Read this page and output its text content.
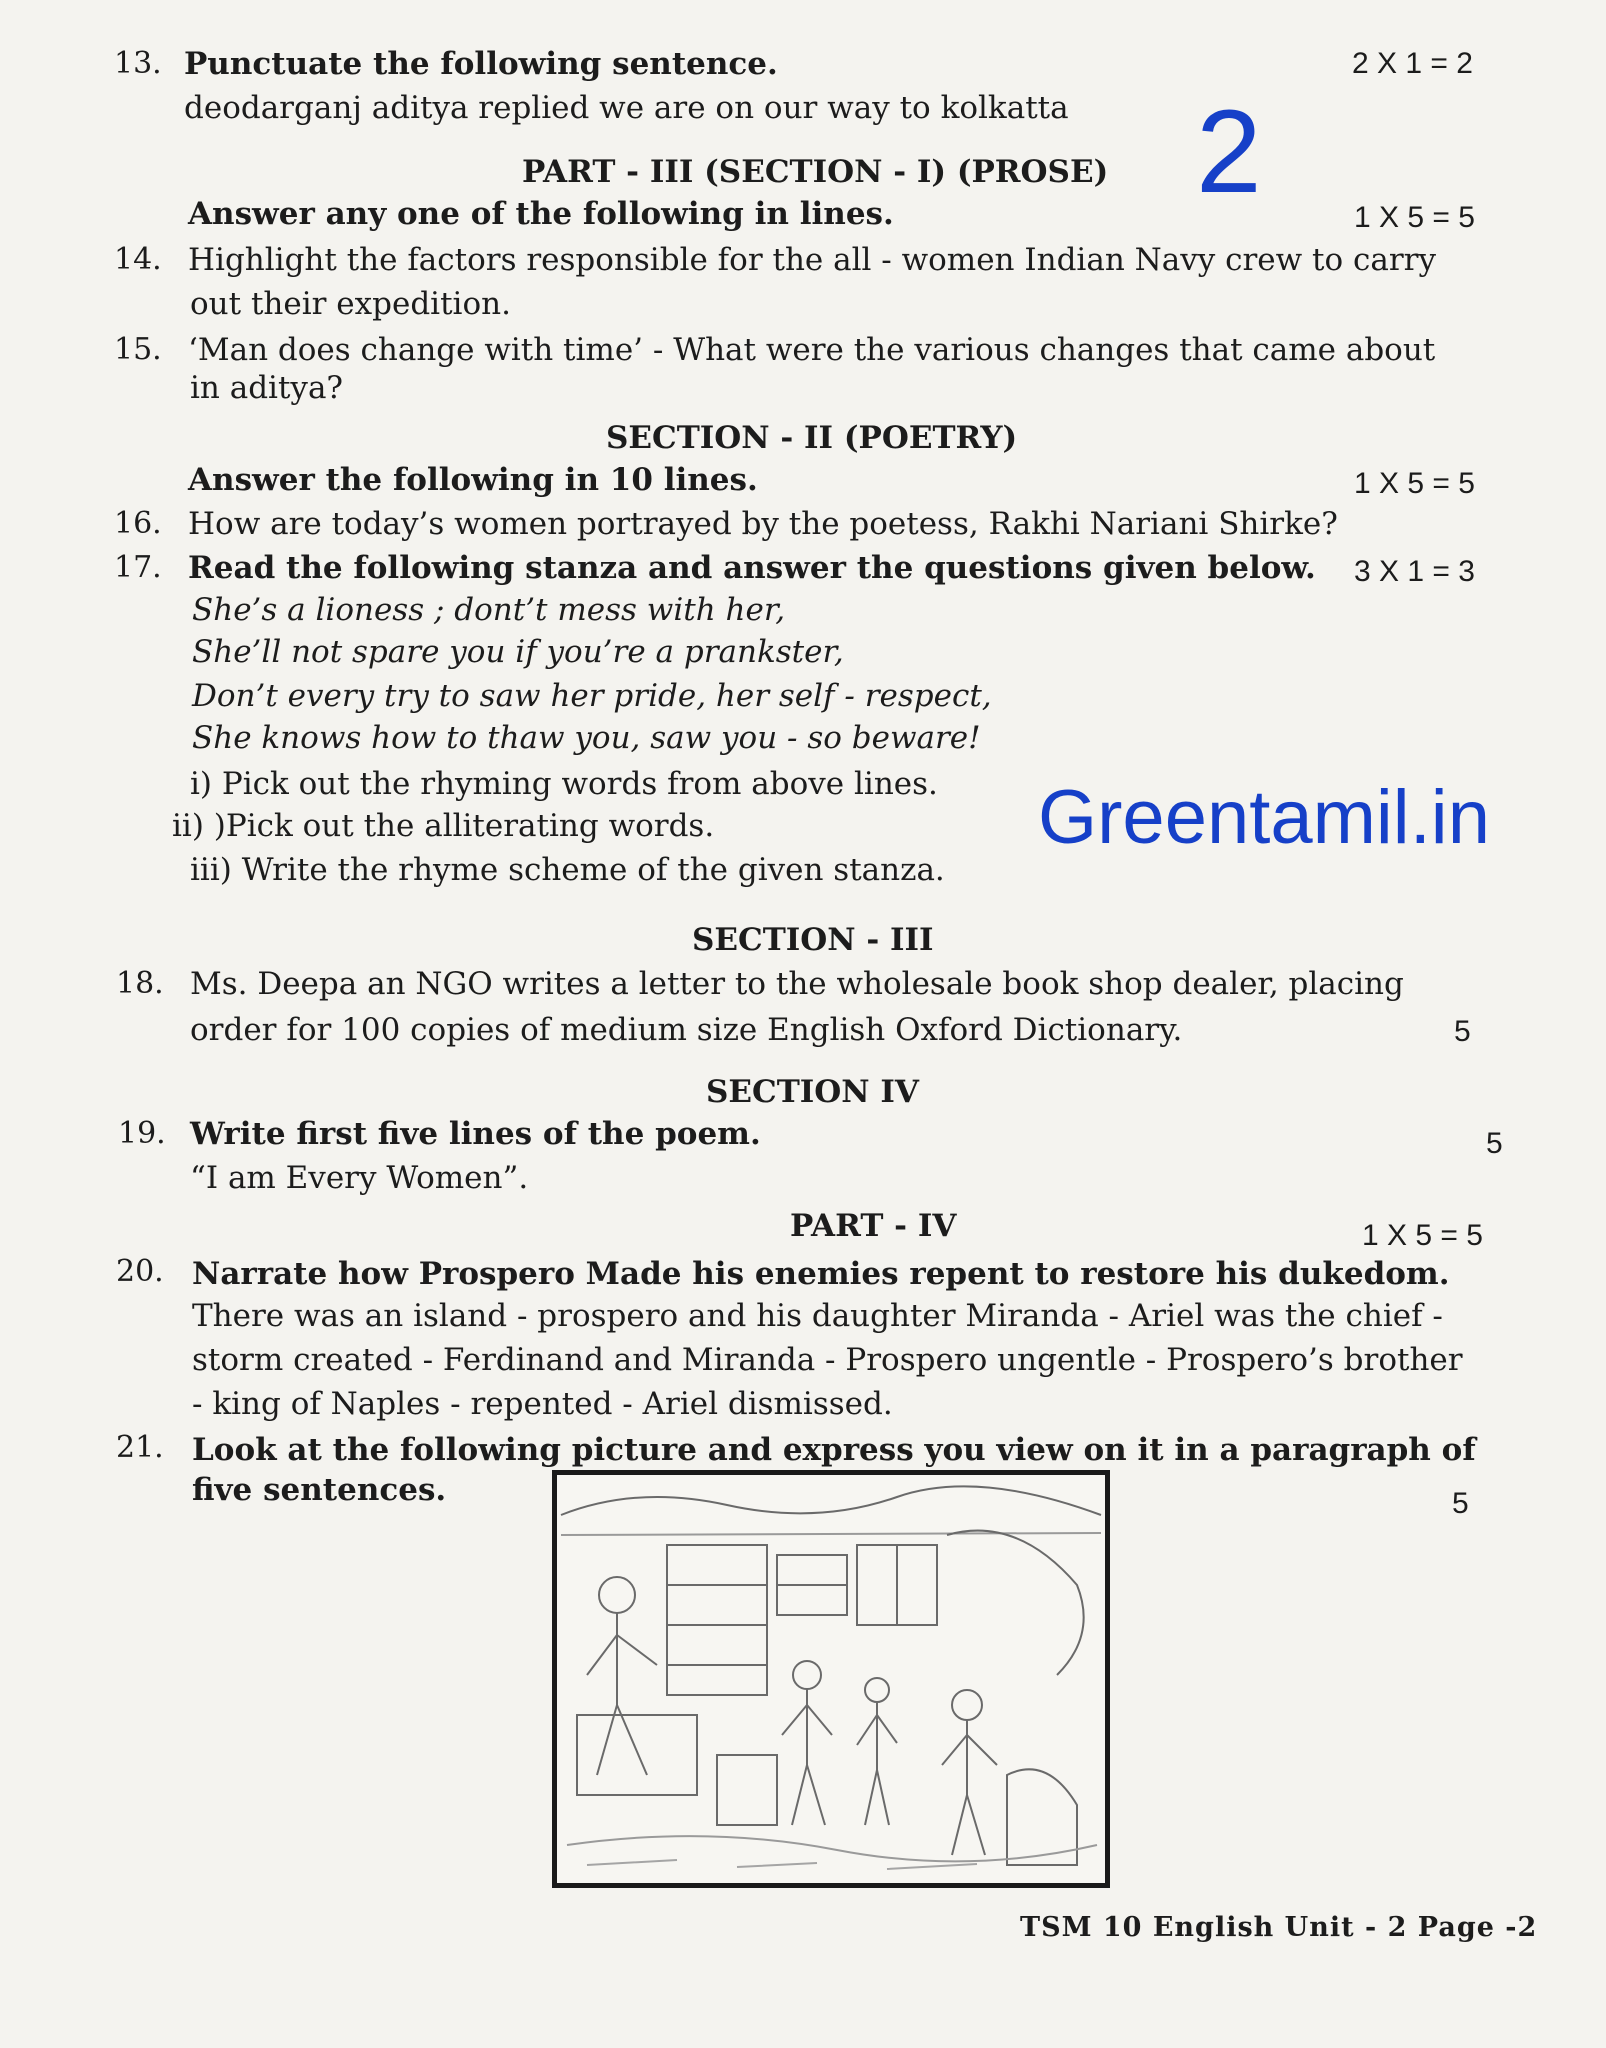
13. Punctuate the following sentence.	2 X 1 = 2
deodarganj aditya replied we are on our way to kolkatta 2
PART - III (SECTION - I) (PROSE)
Answer any one of the following in lines.	1 X 5 = 5
14. Highlight the factors responsible for the all - women Indian Navy crew to carry
out their expedition.
15. ‘Man does change with time’ - What were the various changes that came about
in aditya?
SECTION - II (POETRY)
Answer the following in 10 lines.	1 X 5 = 5
16. How are today’s women portrayed by the poetess, Rakhi Nariani Shirke?
17. Read the following stanza and answer the questions given below. 3 X 1 = 3
She’s a lioness ; dont’t mess with her,
She’ll not spare you if you’re a prankster,
Don’t every try to saw her pride, her self - respect,
She knows how to thaw you, saw you - so beware!
i) Pick out the rhyming words from above lines.
ii) )Pick out the alliterating words.
iii) Write the rhyme scheme of the given stanza.
Greentamil.in
SECTION - III
18. Ms. Deepa an NGO writes a letter to the wholesale book shop dealer, placing
order for 100 copies of medium size English Oxford Dictionary.	5
SECTION IV
19. Write first five lines of the poem.	5
“I am Every Women”.
PART - IV	1 X 5 = 5
20. Narrate how Prospero Made his enemies repent to restore his dukedom.
There was an island - prospero and his daughter Miranda - Ariel was the chief -
storm created - Ferdinand and Miranda - Prospero ungentle - Prospero’s brother
- king of Naples - repented - Ariel dismissed.
21. Look at the following picture and express you view on it in a paragraph of
five sentences.	5
TSM 10 English Unit - 2 Page -2
